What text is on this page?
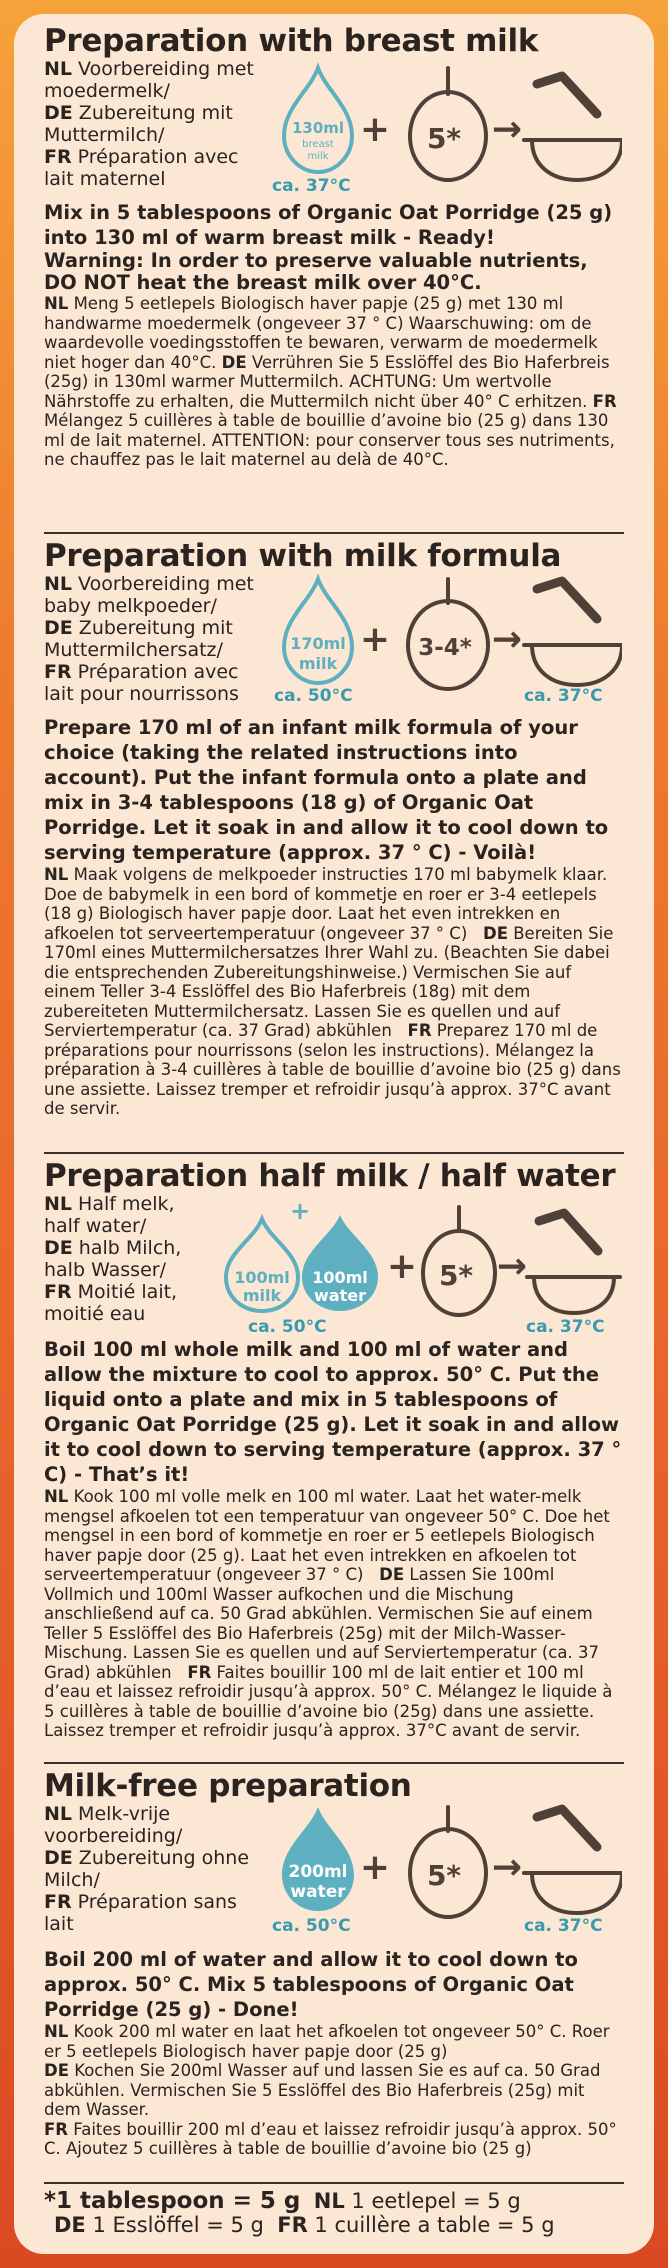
Preparation with breast milk
NL Voorbereiding met moedermelk/
DE Zubereitung mit Muttermilch/
FR Préparation avec lait maternel
130ml
breast
milk
+ 5* →
ca. 37°C
Mix in 5 tablespoons of Organic Oat Porridge (25 g) into 130 ml of warm breast milk - Ready!
Warning: In order to preserve valuable nutrients, DO NOT heat the breast milk over 40°C.
NL Meng 5 eetlepels Biologisch haver papje (25 g) met 130 ml handwarme moedermelk (ongeveer 37 ° C) Waarschuwing: om de waardevolle voedingsstoffen te bewaren, verwarm de moedermelk niet hoger dan 40°C. DE Verrühren Sie 5 Esslöffel des Bio Haferbreis (25g) in 130ml warmer Muttermilch. ACHTUNG: Um wertvolle Nährstoffe zu erhalten, die Muttermilch nicht über 40° C erhitzen. FR Mélangez 5 cuillères à table de bouillie d’avoine bio (25 g) dans 130 ml de lait maternel. ATTENTION: pour conserver tous ses nutriments, ne chauffez pas le lait maternel au delà de 40°C.
Preparation with milk formula
NL Voorbereiding met baby melkpoeder/
DE Zubereitung mit Muttermilchersatz/
FR Préparation avec lait pour nourrissons
170ml
milk
+ 3-4* →
ca. 50°C	ca. 37°C
Prepare 170 ml of an infant milk formula of your choice (taking the related instructions into account). Put the infant formula onto a plate and mix in 3-4 tablespoons (18 g) of Organic Oat Porridge. Let it soak in and allow it to cool down to serving temperature (approx. 37 ° C) - Voilà!
NL Maak volgens de melkpoeder instructies 170 ml babymelk klaar. Doe de babymelk in een bord of kommetje en roer er 3-4 eetlepels (18 g) Biologisch haver papje door. Laat het even intrekken en afkoelen tot serveertemperatuur (ongeveer 37 ° C) DE Bereiten Sie 170ml eines Muttermilchersatzes Ihrer Wahl zu. (Beachten Sie dabei die entsprechenden Zubereitungshinweise.) Vermischen Sie auf einem Teller 3-4 Esslöffel des Bio Haferbreis (18g) mit dem zubereiteten Muttermilchersatz. Lassen Sie es quellen und auf Serviertemperatur (ca. 37 Grad) abkühlen FR Preparez 170 ml de préparations pour nourrissons (selon les instructions). Mélangez la préparation à 3-4 cuillères à table de bouillie d’avoine bio (25 g) dans une assiette. Laissez tremper et refroidir jusqu’à approx. 37°C avant de servir.
Preparation half milk / half water
NL Half melk, half water/
DE halb Milch, halb Wasser/
FR Moitié lait, moitié eau
100ml
milk
+
100ml
water
+ 5* →
ca. 50°C	ca. 37°C
Boil 100 ml whole milk and 100 ml of water and allow the mixture to cool to approx. 50° C. Put the liquid onto a plate and mix in 5 tablespoons of Organic Oat Porridge (25 g). Let it soak in and allow it to cool down to serving temperature (approx. 37 ° C) - That’s it!
NL Kook 100 ml volle melk en 100 ml water. Laat het water-melk mengsel afkoelen tot een temperatuur van ongeveer 50° C. Doe het mengsel in een bord of kommetje en roer er 5 eetlepels Biologisch haver papje door (25 g). Laat het even intrekken en afkoelen tot serveertemperatuur (ongeveer 37 ° C) DE Lassen Sie 100ml Vollmich und 100ml Wasser aufkochen und die Mischung anschließend auf ca. 50 Grad abkühlen. Vermischen Sie auf einem Teller 5 Esslöffel des Bio Haferbreis (25g) mit der Milch-Wasser-Mischung. Lassen Sie es quellen und auf Serviertemperatur (ca. 37 Grad) abkühlen FR Faites bouillir 100 ml de lait entier et 100 ml d’eau et laissez refroidir jusqu’à approx. 50° C. Mélangez le liquide à 5 cuillères à table de bouillie d’avoine bio (25g) dans une assiette. Laissez tremper et refroidir jusqu’à approx. 37°C avant de servir.
Milk-free preparation
NL Melk-vrije voorbereiding/
DE Zubereitung ohne Milch/
FR Préparation sans lait
200ml
water
+ 5* →
ca. 50°C	ca. 37°C
Boil 200 ml of water and allow it to cool down to approx. 50° C. Mix 5 tablespoons of Organic Oat Porridge (25 g) - Done!
NL Kook 200 ml water en laat het afkoelen tot ongeveer 50° C. Roer er 5 eetlepels Biologisch haver papje door (25 g)
DE Kochen Sie 200ml Wasser auf und lassen Sie es auf ca. 50 Grad abkühlen. Vermischen Sie 5 Esslöffel des Bio Haferbreis (25g) mit dem Wasser.
FR Faites bouillir 200 ml d’eau et laissez refroidir jusqu’à approx. 50° C. Ajoutez 5 cuillères à table de bouillie d’avoine bio (25 g)
*1 tablespoon = 5 g NL 1 eetlepel = 5 g
DE 1 Esslöffel = 5 g FR 1 cuillère a table = 5 g
